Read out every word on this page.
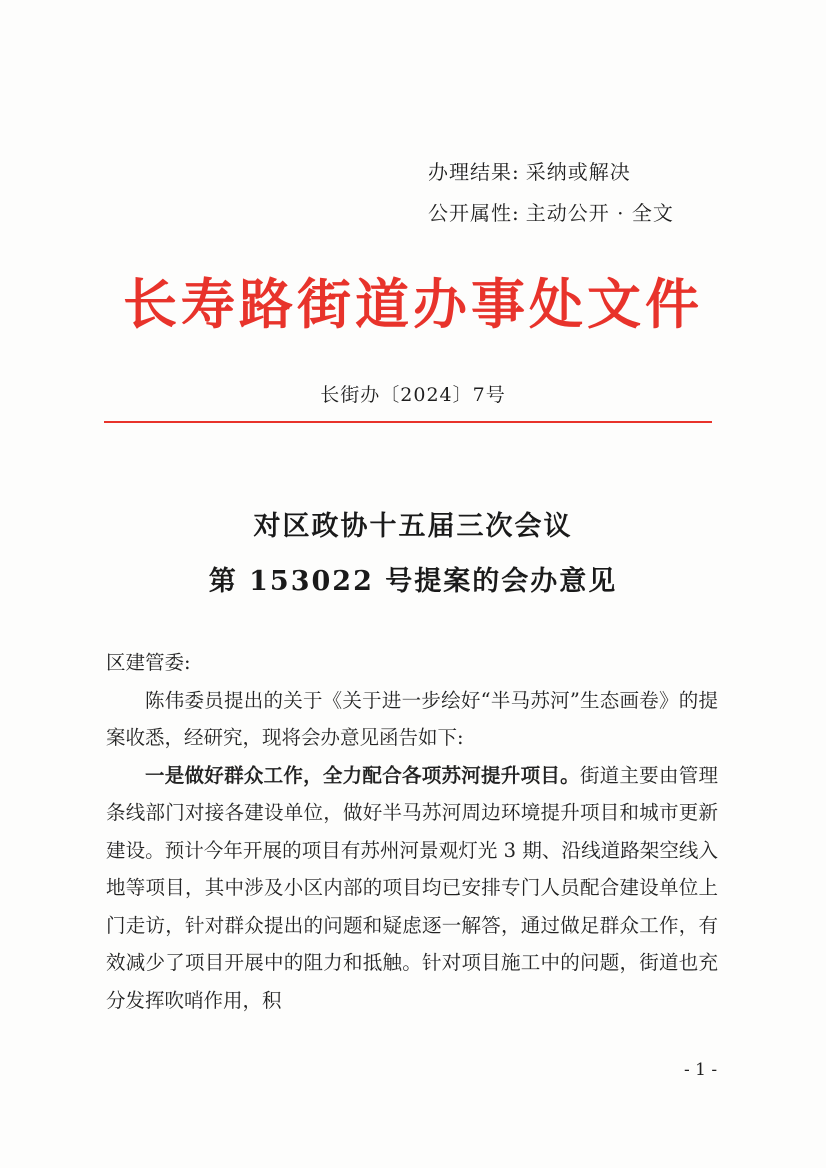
办理结果: 采纳或解决
公开属性: 主动公开 · 全文
长寿路街道办事处文件
长街办〔2024〕7号
对区政协十五届三次会议
第 153022 号提案的会办意见

区建管委:

陈伟委员提出的关于《关于进一步绘好“半马苏河”生态画卷》的提案收悉，经研究，现将会办意见函告如下:

一是做好群众工作，全力配合各项苏河提升项目。街道主要由管理条线部门对接各建设单位，做好半马苏河周边环境提升项目和城市更新建设。预计今年开展的项目有苏州河景观灯光 3 期、沿线道路架空线入地等项目，其中涉及小区内部的项目均已安排专门人员配合建设单位上门走访，针对群众提出的问题和疑虑逐一解答，通过做足群众工作，有效减少了项目开展中的阻力和抵触。针对项目施工中的问题，街道也充分发挥吹哨作用，积

- 1 -
